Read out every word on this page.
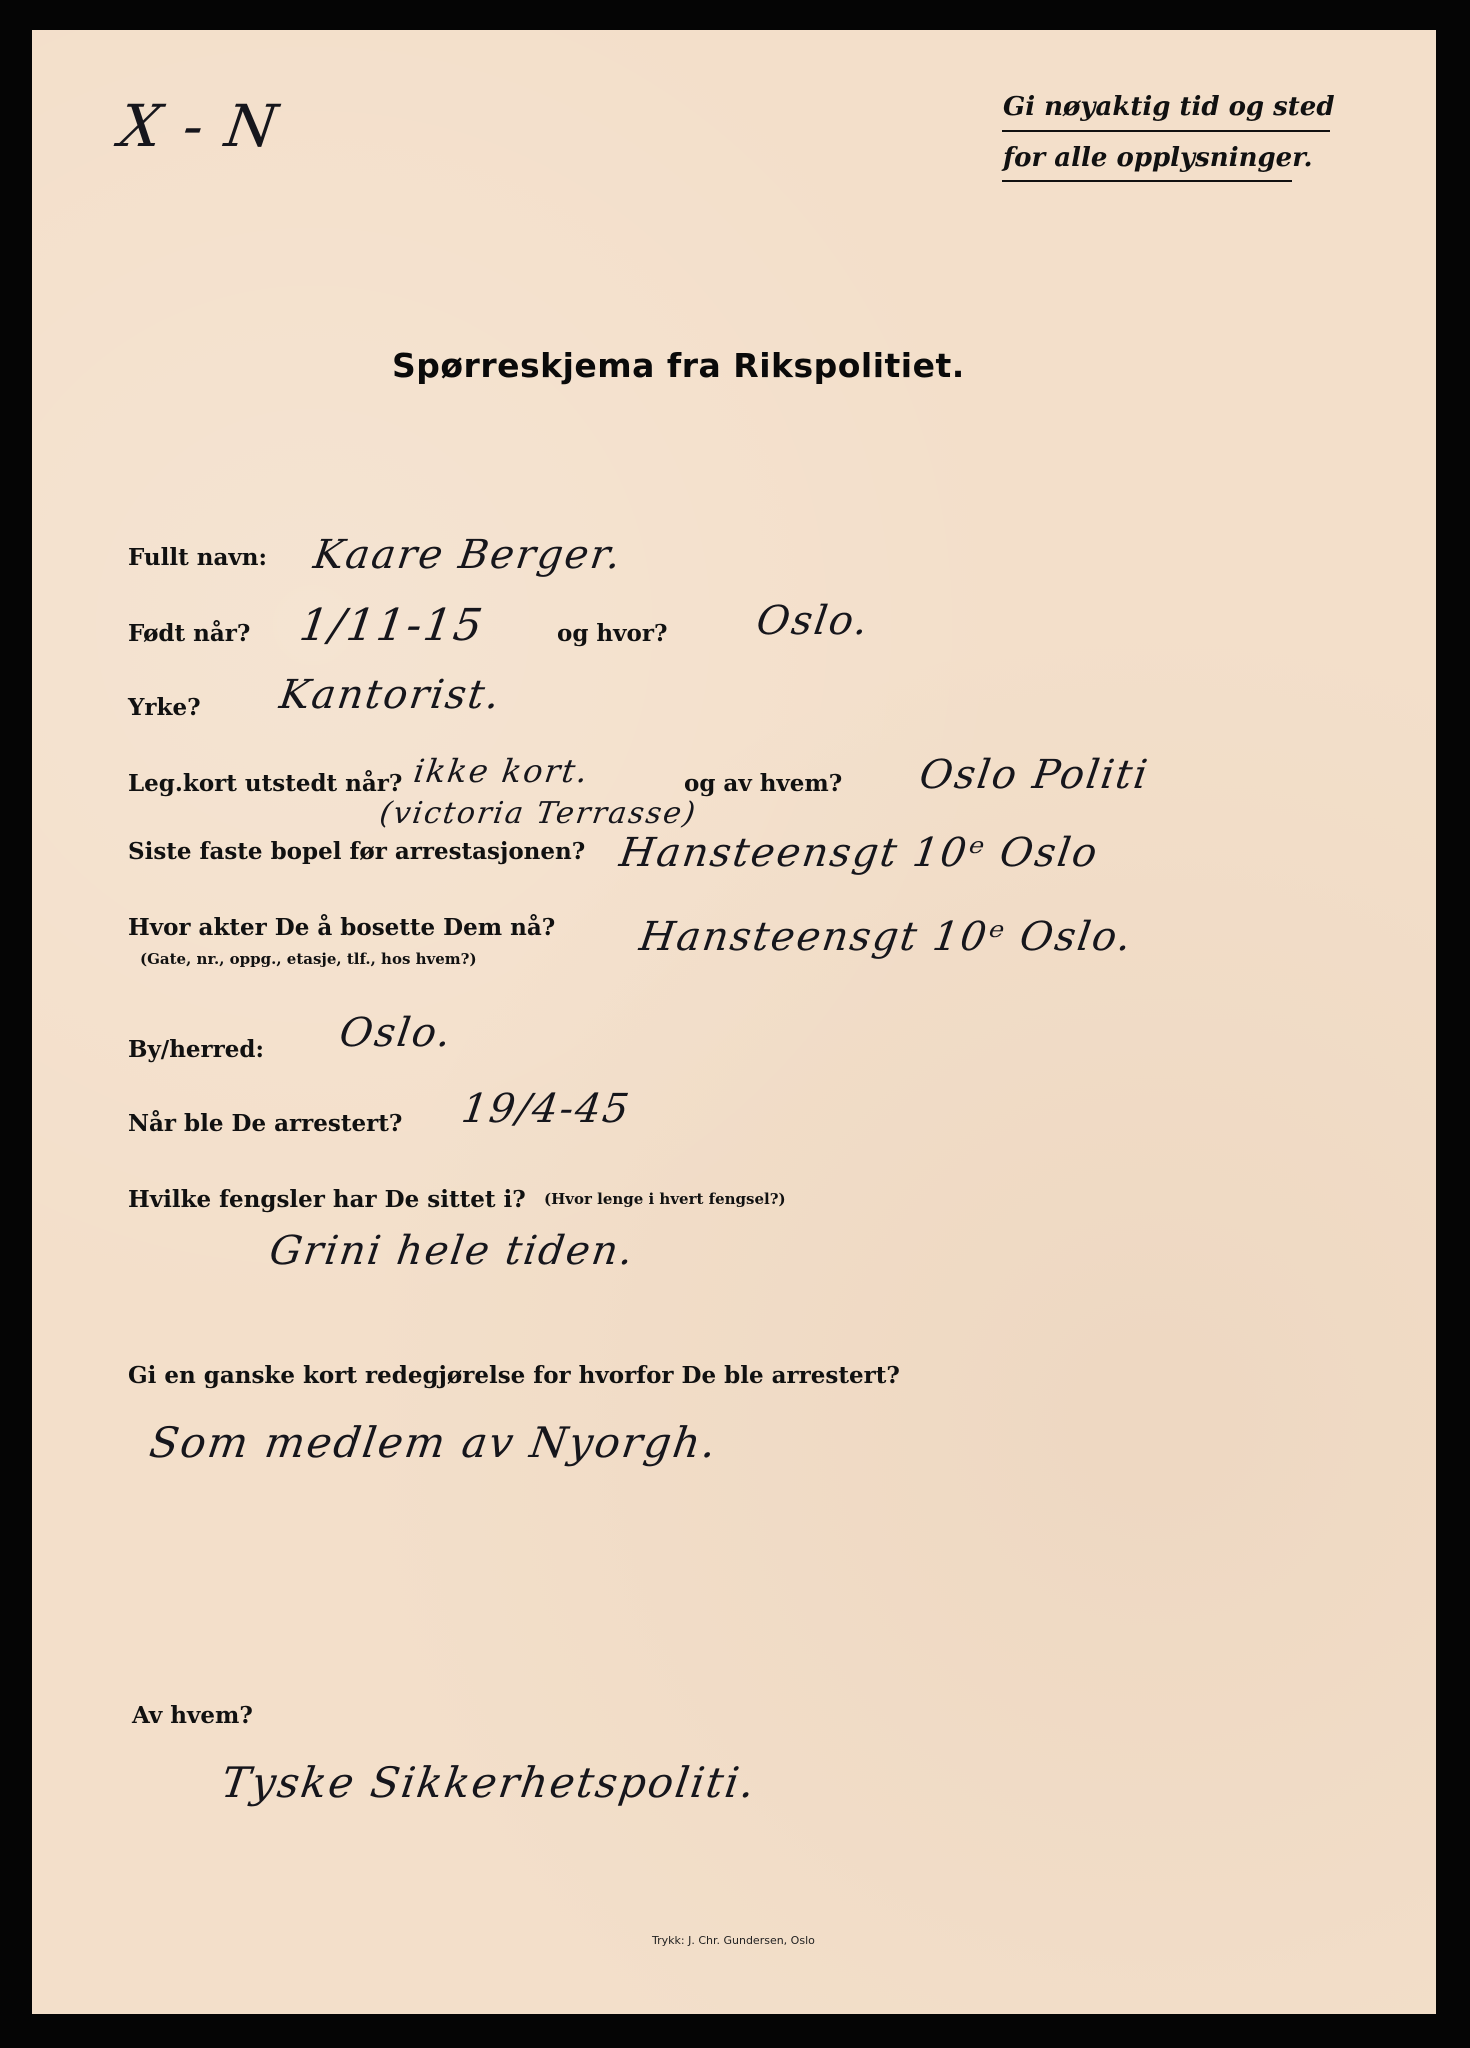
X - N	Gi nøyaktig tid og sted
for alle opplysninger.
Spørreskjema fra Rikspolitiet.
Fullt navn: Kaare Berger.
Født når? 1/11-15	og hvor? Oslo.
Yrke? Kantorist.
Leg.kort utstedt når? ikke kort.	og av hvem? Oslo Politi
(victoria Terrasse)
Siste faste bopel før arrestasjonen? Hansteensgt 10ᵉ Oslo
Hvor akter De å bosette Dem nå?
(Gate, nr., oppg., etasje, tlf., hos hvem?)	Hansteensgt 10ᵉ Oslo.
By/herred: Oslo.
Når ble De arrestert? 19/4-45
Hvilke fengsler har De sittet i? (Hvor lenge i hvert fengsel?)
Grini hele tiden.
Gi en ganske kort redegjørelse for hvorfor De ble arrestert?
Som medlem av Nyorgh.
Av hvem?
Tyske Sikkerhetspoliti.
Trykk: J. Chr. Gundersen, Oslo
